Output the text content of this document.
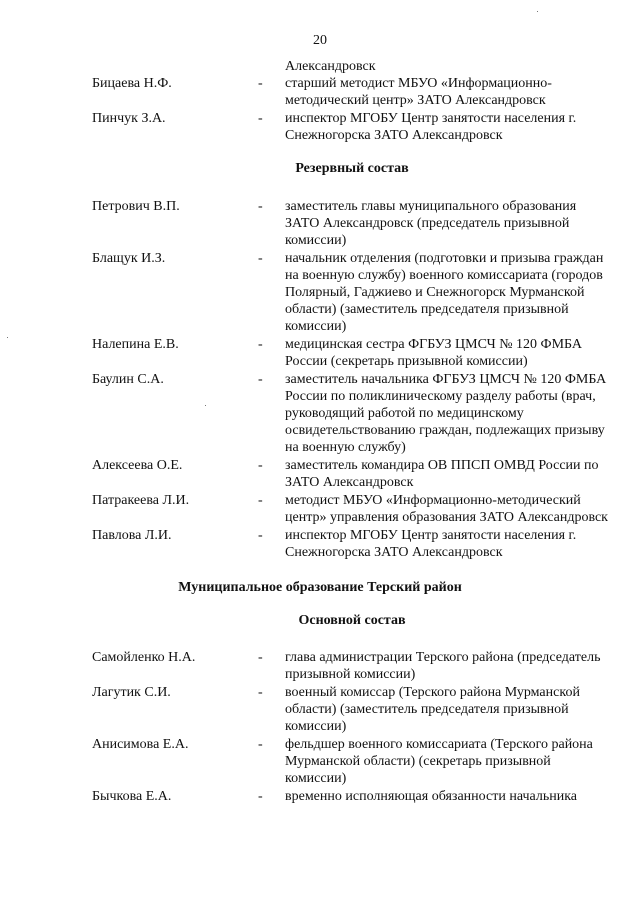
20
Александровск
Бицаева Н.Ф.	- старший методист МБУО «Информационно-методический центр» ЗАТО Александровск
Пинчук З.А.	- инспектор МГОБУ Центр занятости населения г. Снежногорска ЗАТО Александровск
Резервный состав
Петрович В.П.	- заместитель главы муниципального образования ЗАТО Александровск (председатель призывной комиссии)
Блащук И.З.	- начальник отделения (подготовки и призыва граждан на военную службу) военного комиссариата (городов Полярный, Гаджиево и Снежногорск Мурманской области) (заместитель председателя призывной комиссии)
Налепина Е.В.	- медицинская сестра ФГБУЗ ЦМСЧ № 120 ФМБА России (секретарь призывной комиссии)
Баулин С.А.	- заместитель начальника ФГБУЗ ЦМСЧ № 120 ФМБА России по поликлиническому разделу работы (врач, руководящий работой по медицинскому освидетельствованию граждан, подлежащих призыву на военную службу)
Алексеева О.Е.	- заместитель командира ОВ ППСП ОМВД России по ЗАТО Александровск
Патракеева Л.И.	- методист МБУО «Информационно-методический центр» управления образования ЗАТО Александровск
Павлова Л.И.	- инспектор МГОБУ Центр занятости населения г. Снежногорска ЗАТО Александровск
Муниципальное образование Терский район
Основной состав
Самойленко Н.А.	- глава администрации Терского района (председатель призывной комиссии)
Лагутик С.И.	- военный комиссар (Терского района Мурманской области) (заместитель председателя призывной комиссии)
Анисимова Е.А.	- фельдшер военного комиссариата (Терского района Мурманской области) (секретарь призывной комиссии)
Бычкова Е.А.	- временно исполняющая обязанности начальника
